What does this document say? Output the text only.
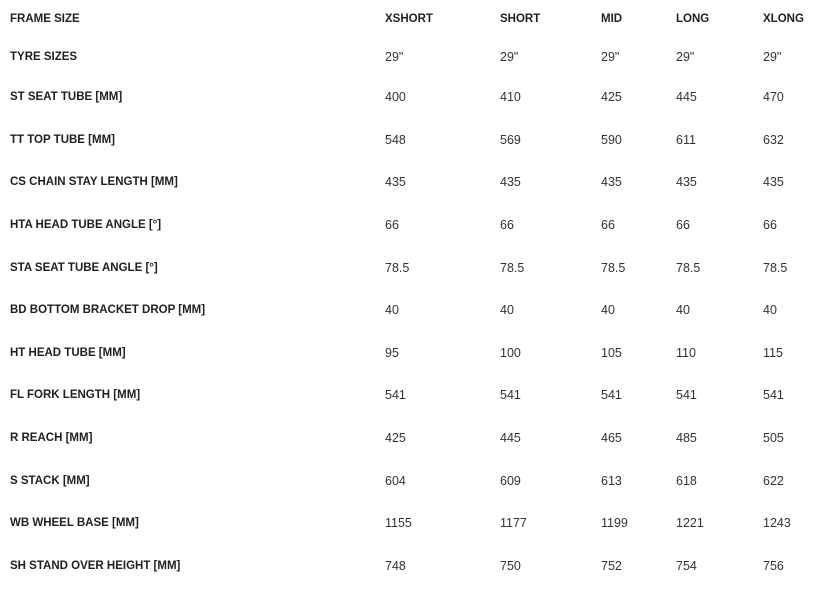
FRAME SIZE	XSHORT	SHORT	MID	LONG	XLONG
TYRE SIZES	29"	29"	29"	29"	29"
ST SEAT TUBE [MM]	400	410	425	445	470
TT TOP TUBE [MM]	548	569	590	611	632
CS CHAIN STAY LENGTH [MM]	435	435	435	435	435
HTA HEAD TUBE ANGLE [°]	66	66	66	66	66
STA SEAT TUBE ANGLE [°]	78.5	78.5	78.5	78.5	78.5
BD BOTTOM BRACKET DROP [MM]	40	40	40	40	40
HT HEAD TUBE [MM]	95	100	105	110	115
FL FORK LENGTH [MM]	541	541	541	541	541
R REACH [MM]	425	445	465	485	505
S STACK [MM]	604	609	613	618	622
WB WHEEL BASE [MM]	1155	1177	1199	1221	1243
SH STAND OVER HEIGHT [MM]	748	750	752	754	756
